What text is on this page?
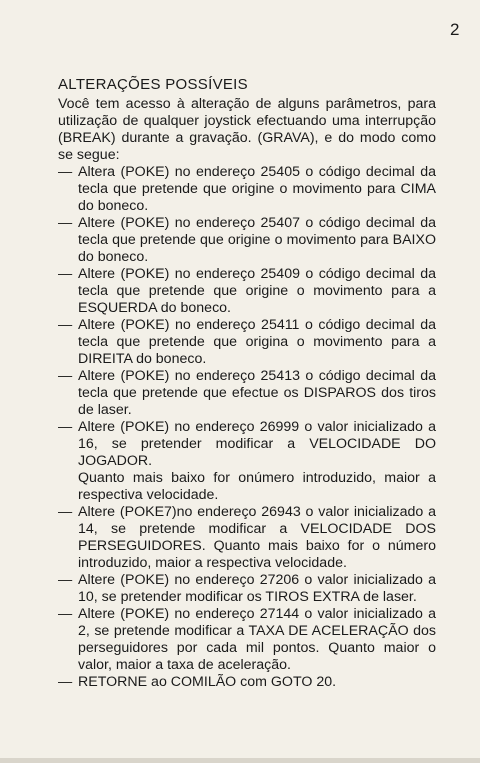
2
ALTERAÇÕES POSSÍVEIS

Você tem acesso à alteração de alguns parâmetros, para utilização de qualquer joystick efectuando uma interrupção (BREAK) durante a gravação. (GRAVA), e do modo como se segue:

— Altera (POKE) no endereço 25405 o código decimal da tecla que pretende que origine o movimento para CIMA do boneco.
— Altere (POKE) no endereço 25407 o código decimal da tecla que pretende que origine o movimento para BAIXO do boneco.
— Altere (POKE) no endereço 25409 o código decimal da tecla que pretende que origine o movimento para a ESQUERDA do boneco.
— Altere (POKE) no endereço 25411 o código decimal da tecla que pretende que origina o movimento para a DIREITA do boneco.
— Altere (POKE) no endereço 25413 o código decimal da tecla que pretende que efectue os DISPAROS dos tiros de laser.
— Altere (POKE) no endereço 26999 o valor inicializado a 16, se pretender modificar a VELOCIDADE DO JOGADOR.
Quanto mais baixo for onúmero introduzido, maior a respectiva velocidade.
— Altere (POKE7)no endereço 26943 o valor inicializado a 14, se pretende modificar a VELOCIDADE DOS PERSEGUIDORES. Quanto mais baixo for o número introduzido, maior a respectiva velocidade.
— Altere (POKE) no endereço 27206 o valor inicializado a 10, se pretender modificar os TIROS EXTRA de laser.
— Altere (POKE) no endereço 27144 o valor inicializado a 2, se pretende modificar a TAXA DE ACELERAÇÃO dos perseguidores por cada mil pontos. Quanto maior o valor, maior a taxa de aceleração.
— RETORNE ao COMILÃO com GOTO 20.
